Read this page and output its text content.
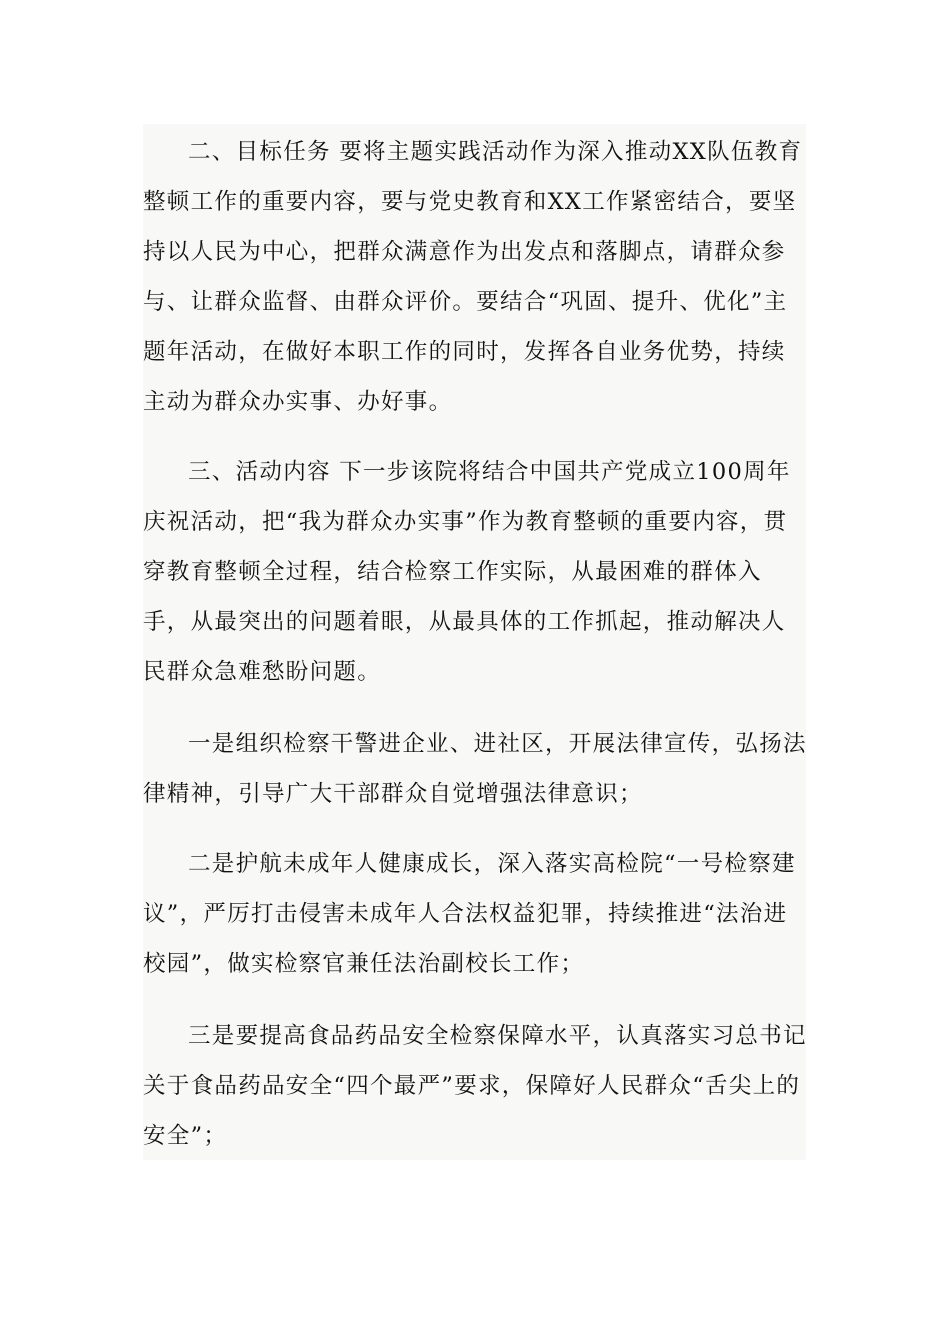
二、目标任务 要将主题实践活动作为深入推动XX队伍教育整顿工作的重要内容，要与党史教育和XX工作紧密结合，要坚持以人民为中心，把群众满意作为出发点和落脚点，请群众参与、让群众监督、由群众评价。要结合“巩固、提升、优化”主题年活动，在做好本职工作的同时，发挥各自业务优势，持续主动为群众办实事、办好事。

三、活动内容 下一步该院将结合中国共产党成立100周年庆祝活动，把“我为群众办实事”作为教育整顿的重要内容，贯穿教育整顿全过程，结合检察工作实际，从最困难的群体入手，从最突出的问题着眼，从最具体的工作抓起，推动解决人民群众急难愁盼问题。

一是组织检察干警进企业、进社区，开展法律宣传，弘扬法律精神，引导广大干部群众自觉增强法律意识；

二是护航未成年人健康成长，深入落实高检院“一号检察建议”，严厉打击侵害未成年人合法权益犯罪，持续推进“法治进校园”，做实检察官兼任法治副校长工作；

三是要提高食品药品安全检察保障水平，认真落实习总书记关于食品药品安全“四个最严”要求，保障好人民群众“舌尖上的安全”；
